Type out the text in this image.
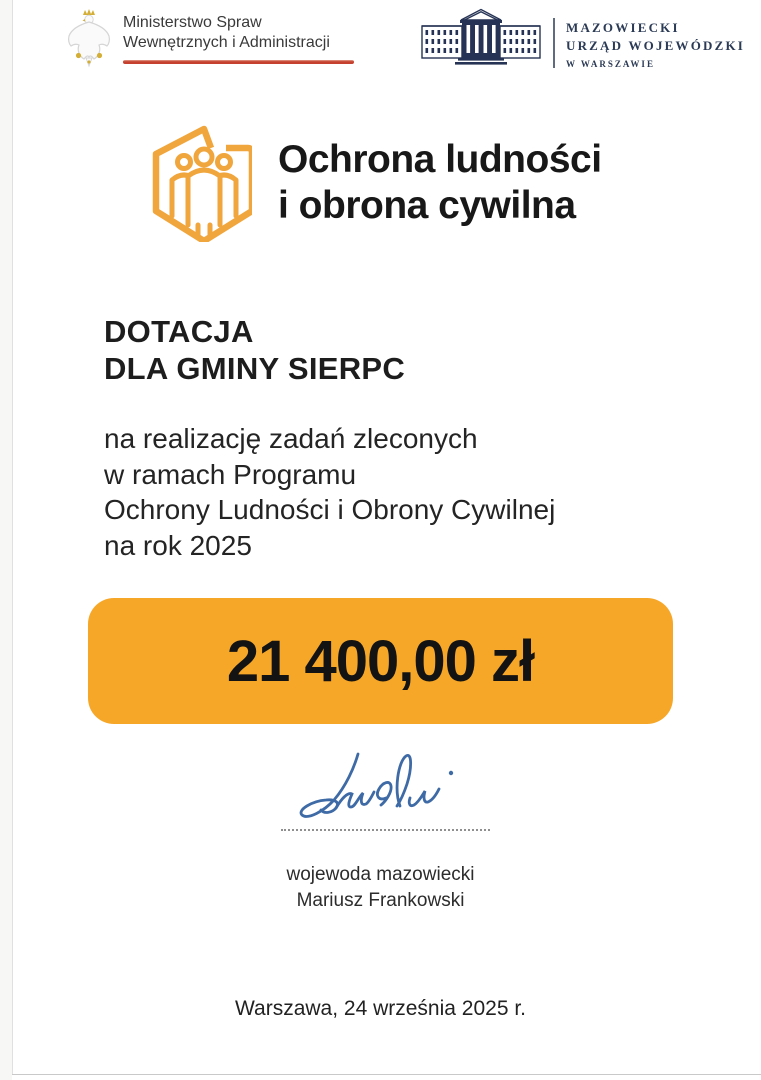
Ministerstwo Spraw
Wewnętrznych i Administracji
MAZOWIECKI
URZĄD WOJEWÓDZKI
W WARSZAWIE
Ochrona ludności
i obrona cywilna
DOTACJA
DLA GMINY SIERPC
na realizację zadań zleconych
w ramach Programu
Ochrony Ludności i Obrony Cywilnej
na rok 2025
21 400,00 zł
wojewoda mazowiecki
Mariusz Frankowski
Warszawa, 24 września 2025 r.
